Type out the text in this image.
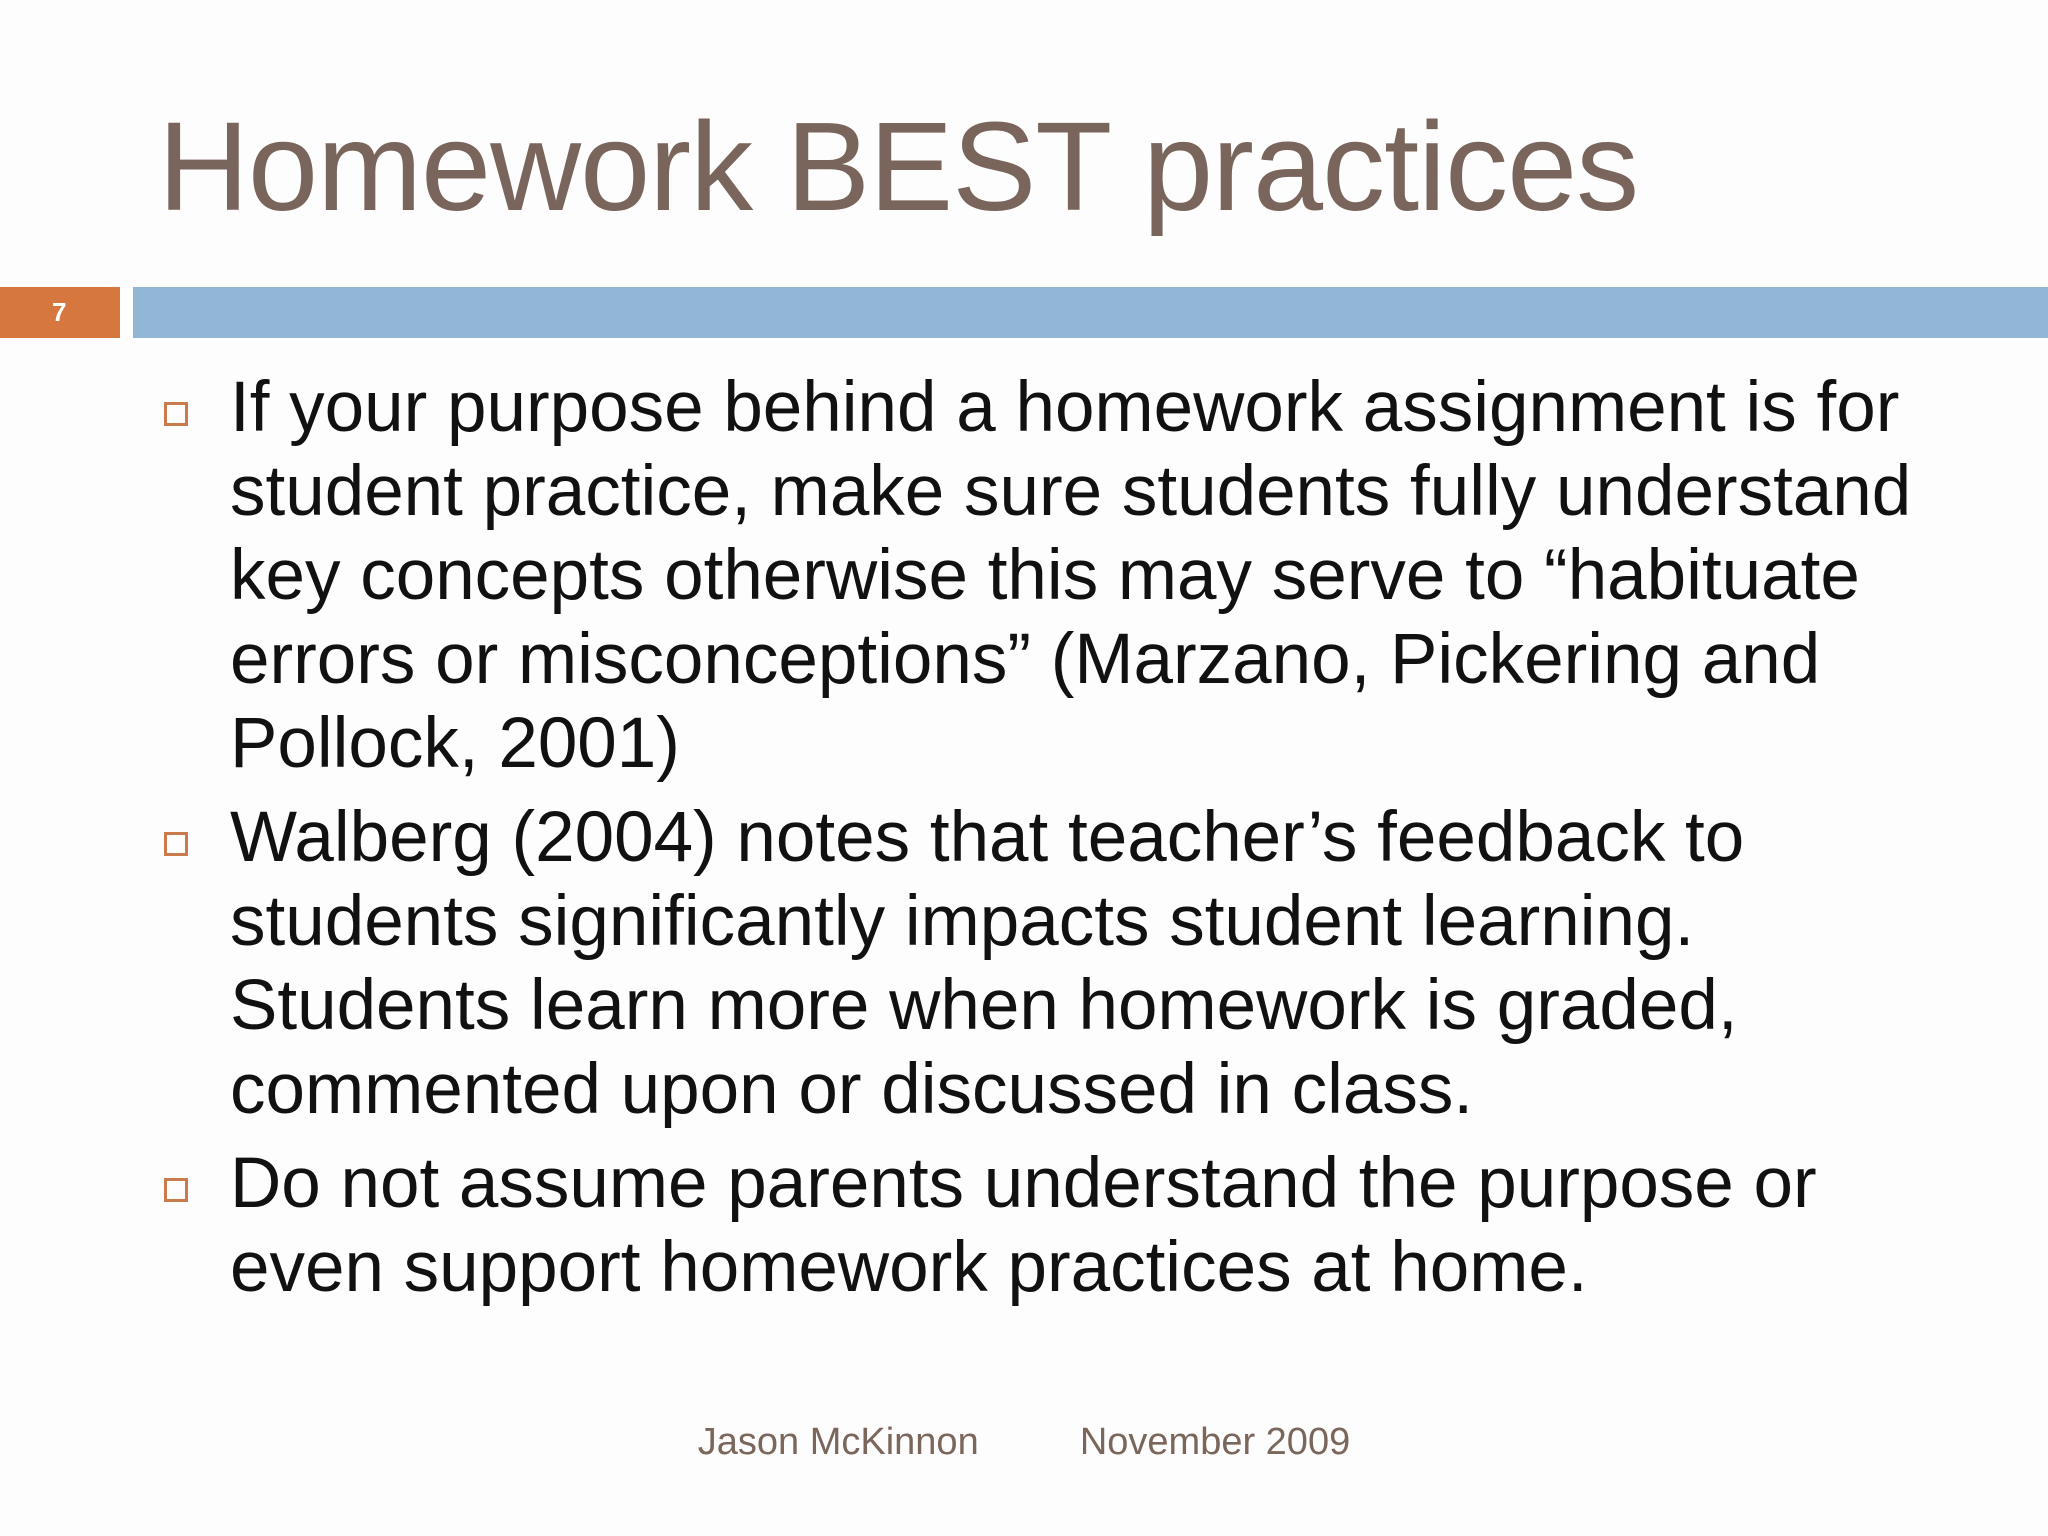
Homework BEST practices
7
If your purpose behind a homework assignment is for student practice, make sure students fully understand key concepts otherwise this may serve to “habituate errors or misconceptions” (Marzano, Pickering and Pollock, 2001)
Walberg (2004) notes that teacher’s feedback to students significantly impacts student learning. Students learn more when homework is graded, commented upon or discussed in class.
Do not assume parents understand the purpose or even support homework practices at home.
Jason McKinnon	November 2009
